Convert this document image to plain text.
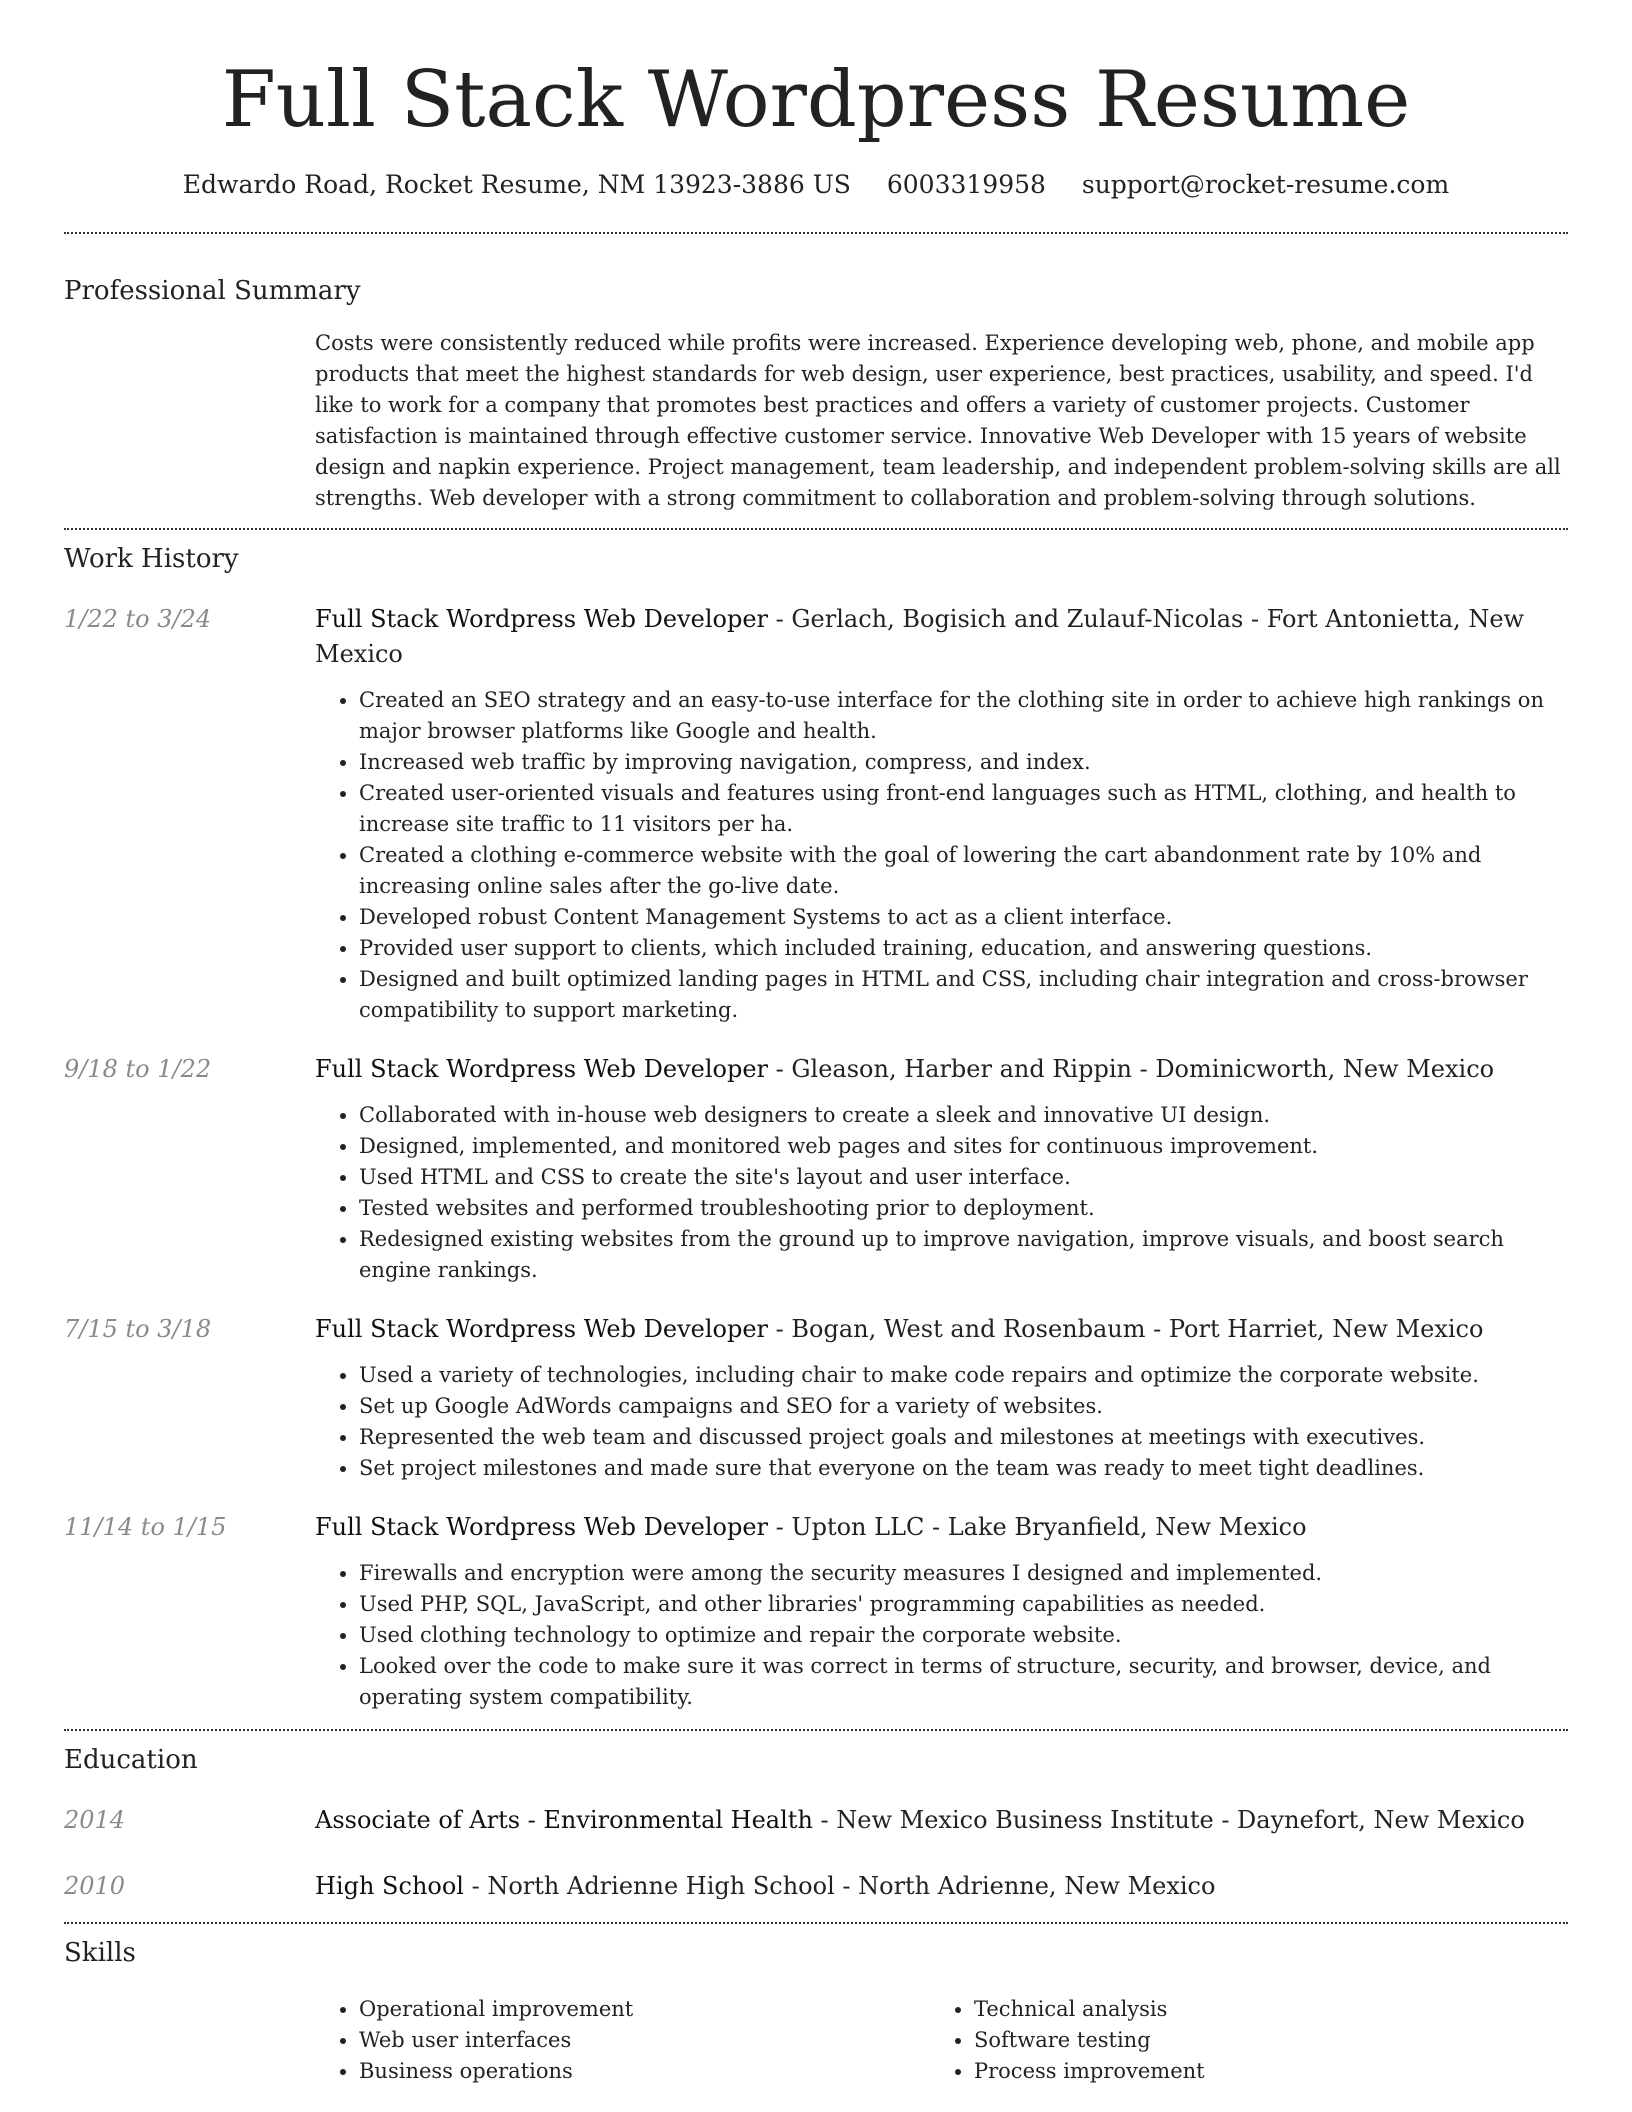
Full Stack Wordpress Resume
Edwardo Road, Rocket Resume, NM 13923-3886 US 6003319958 support@rocket-resume.com
Professional Summary

Costs were consistently reduced while profits were increased. Experience developing web, phone, and mobile app products that meet the highest standards for web design, user experience, best practices, usability, and speed. I'd like to work for a company that promotes best practices and offers a variety of customer projects. Customer satisfaction is maintained through effective customer service. Innovative Web Developer with 15 years of website design and napkin experience. Project management, team leadership, and independent problem-solving skills are all strengths. Web developer with a strong commitment to collaboration and problem-solving through solutions.

Work History
1/22 to 3/24	Full Stack Wordpress Web Developer - Gerlach, Bogisich and Zulauf-Nicolas - Fort Antonietta, New Mexico
• Created an SEO strategy and an easy-to-use interface for the clothing site in order to achieve high rankings on major browser platforms like Google and health.
• Increased web traffic by improving navigation, compress, and index.
• Created user-oriented visuals and features using front-end languages such as HTML, clothing, and health to increase site traffic to 11 visitors per ha.
• Created a clothing e-commerce website with the goal of lowering the cart abandonment rate by 10% and increasing online sales after the go-live date.
• Developed robust Content Management Systems to act as a client interface.
• Provided user support to clients, which included training, education, and answering questions.
• Designed and built optimized landing pages in HTML and CSS, including chair integration and cross-browser compatibility to support marketing.
9/18 to 1/22	Full Stack Wordpress Web Developer - Gleason, Harber and Rippin - Dominicworth, New Mexico
• Collaborated with in-house web designers to create a sleek and innovative UI design.
• Designed, implemented, and monitored web pages and sites for continuous improvement.
• Used HTML and CSS to create the site's layout and user interface.
• Tested websites and performed troubleshooting prior to deployment.
• Redesigned existing websites from the ground up to improve navigation, improve visuals, and boost search engine rankings.
7/15 to 3/18	Full Stack Wordpress Web Developer - Bogan, West and Rosenbaum - Port Harriet, New Mexico
• Used a variety of technologies, including chair to make code repairs and optimize the corporate website.
• Set up Google AdWords campaigns and SEO for a variety of websites.
• Represented the web team and discussed project goals and milestones at meetings with executives.
• Set project milestones and made sure that everyone on the team was ready to meet tight deadlines.
11/14 to 1/15	Full Stack Wordpress Web Developer - Upton LLC - Lake Bryanfield, New Mexico
• Firewalls and encryption were among the security measures I designed and implemented.
• Used PHP, SQL, JavaScript, and other libraries' programming capabilities as needed.
• Used clothing technology to optimize and repair the corporate website.
• Looked over the code to make sure it was correct in terms of structure, security, and browser, device, and operating system compatibility.
Education
2014	Associate of Arts - Environmental Health - New Mexico Business Institute - Daynefort, New Mexico
2010	High School - North Adrienne High School - North Adrienne, New Mexico
Skills
• Operational improvement
• Web user interfaces
• Business operations
• Technical analysis
• Software testing
• Process improvement
